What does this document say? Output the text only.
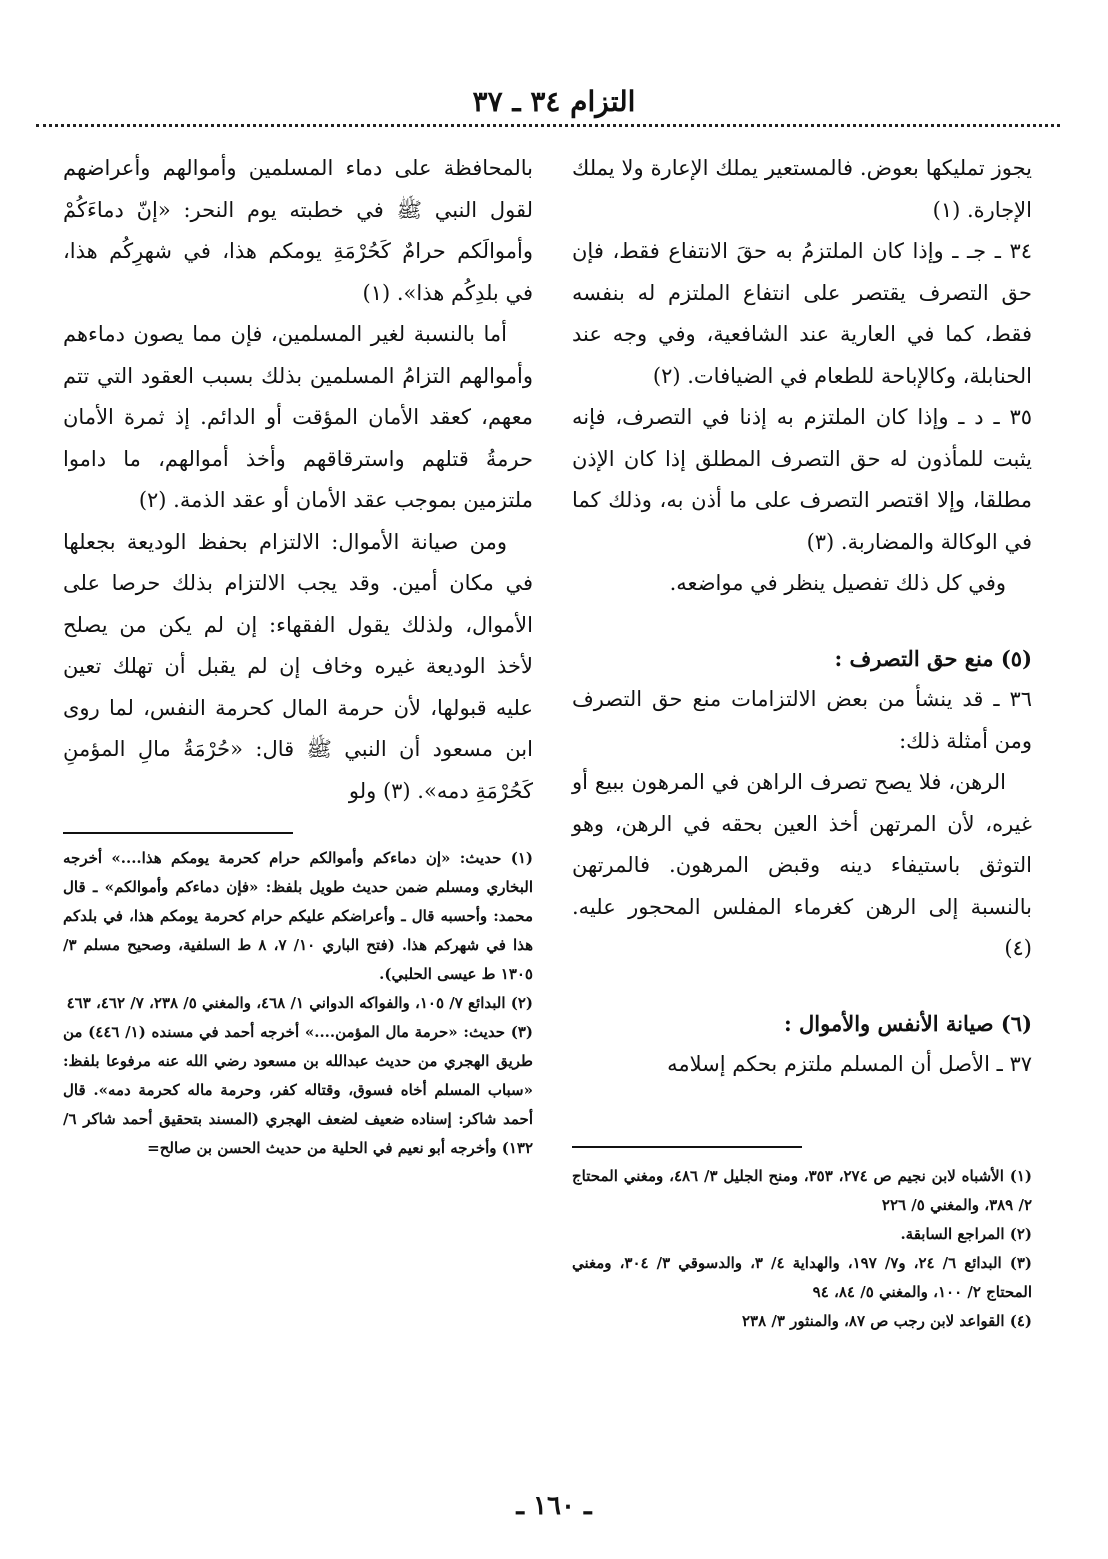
التزام ٣٤ ـ ٣٧

يجوز تمليكها بعوض. فالمستعير يملك الإعارة ولا يملك الإجارة. (١)

٣٤ ـ جـ ـ وإذا كان الملتزمُ به حقَ الانتفاع فقط، فإن حق التصرف يقتصر على انتفاع الملتزم له بنفسه فقط، كما في العارية عند الشافعية، وفي وجه عند الحنابلة، وكالإباحة للطعام في الضيافات. (٢)

٣٥ ـ د ـ وإذا كان الملتزم به إذنا في التصرف، فإنه يثبت للمأذون له حق التصرف المطلق إذا كان الإذن مطلقا، وإلا اقتصر التصرف على ما أذن به، وذلك كما في الوكالة والمضاربة. (٣)

وفي كل ذلك تفصيل ينظر في مواضعه.

(٥) منع حق التصرف :

٣٦ ـ قد ينشأ من بعض الالتزامات منع حق التصرف ومن أمثلة ذلك:

الرهن، فلا يصح تصرف الراهن في المرهون ببيع أو غيره، لأن المرتهن أخذ العين بحقه في الرهن، وهو التوثق باستيفاء دينه وقبض المرهون. فالمرتهن بالنسبة إلى الرهن كغرماء المفلس المحجور عليه. (٤)

(٦) صيانة الأنفس والأموال :

٣٧ ـ الأصل أن المسلم ملتزم بحكم إسلامه

(١) الأشباه لابن نجيم ص ٢٧٤، ٣٥٣، ومنح الجليل ٣/ ٤٨٦، ومغني المحتاج ٢/ ٣٨٩، والمغني ٥/ ٢٢٦

(٢) المراجع السابقة.

(٣) البدائع ٦/ ٢٤، و٧/ ١٩٧، والهداية ٤/ ٣، والدسوقي ٣/ ٣٠٤، ومغني المحتاج ٢/ ١٠٠، والمغني ٥/ ٨٤، ٩٤

(٤) القواعد لابن رجب ص ٨٧، والمنثور ٣/ ٢٣٨

بالمحافظة على دماء المسلمين وأموالهم وأعراضهم لقول النبي ﷺ في خطبته يوم النحر: «إنّ دماءَكُمْ وأموالَكم حرامٌ كَحُرْمَةِ يومكم هذا، في شهرِكُم هذا، في بلدِكُم هذا». (١)

أما بالنسبة لغير المسلمين، فإن مما يصون دماءهم وأموالهم التزامُ المسلمين بذلك بسبب العقود التي تتم معهم، كعقد الأمان المؤقت أو الدائم. إذ ثمرة الأمان حرمةُ قتلهم واسترقاقهم وأخذ أموالهم، ما داموا ملتزمين بموجب عقد الأمان أو عقد الذمة. (٢)

ومن صيانة الأموال: الالتزام بحفظ الوديعة بجعلها في مكان أمين. وقد يجب الالتزام بذلك حرصا على الأموال، ولذلك يقول الفقهاء: إن لم يكن من يصلح لأخذ الوديعة غيره وخاف إن لم يقبل أن تهلك تعين عليه قبولها، لأن حرمة المال كحرمة النفس، لما روى ابن مسعود أن النبي ﷺ قال: «حُرْمَةُ مالِ المؤمنِ كَحُرْمَةِ دمه». (٣) ولو

(١) حديث: «إن دماءكم وأموالكم حرام كحرمة يومكم هذا....» أخرجه البخاري ومسلم ضمن حديث طويل بلفظ: «فإن دماءكم وأموالكم» ـ قال محمد: وأحسبه قال ـ وأعراضكم عليكم حرام كحرمة يومكم هذا، في بلدكم هذا في شهركم هذا. (فتح الباري ١٠/ ٧، ٨ ط السلفية، وصحيح مسلم ٣/ ١٣٠٥ ط عيسى الحلبي).

(٢) البدائع ٧/ ١٠٥، والفواكه الدواني ١/ ٤٦٨، والمغني ٥/ ٢٣٨، ٧/ ٤٦٢، ٤٦٣

(٣) حديث: «حرمة مال المؤمن....» أخرجه أحمد في مسنده (١/ ٤٤٦) من طريق الهجري من حديث عبدالله بن مسعود رضي الله عنه مرفوعا بلفظ: «سباب المسلم أخاه فسوق، وقتاله كفر، وحرمة ماله كحرمة دمه». قال أحمد شاكر: إسناده ضعيف لضعف الهجري (المسند بتحقيق أحمد شاكر ٦/ ١٣٢) وأخرجه أبو نعيم في الحلية من حديث الحسن بن صالح=

ـ ١٦٠ ـ
